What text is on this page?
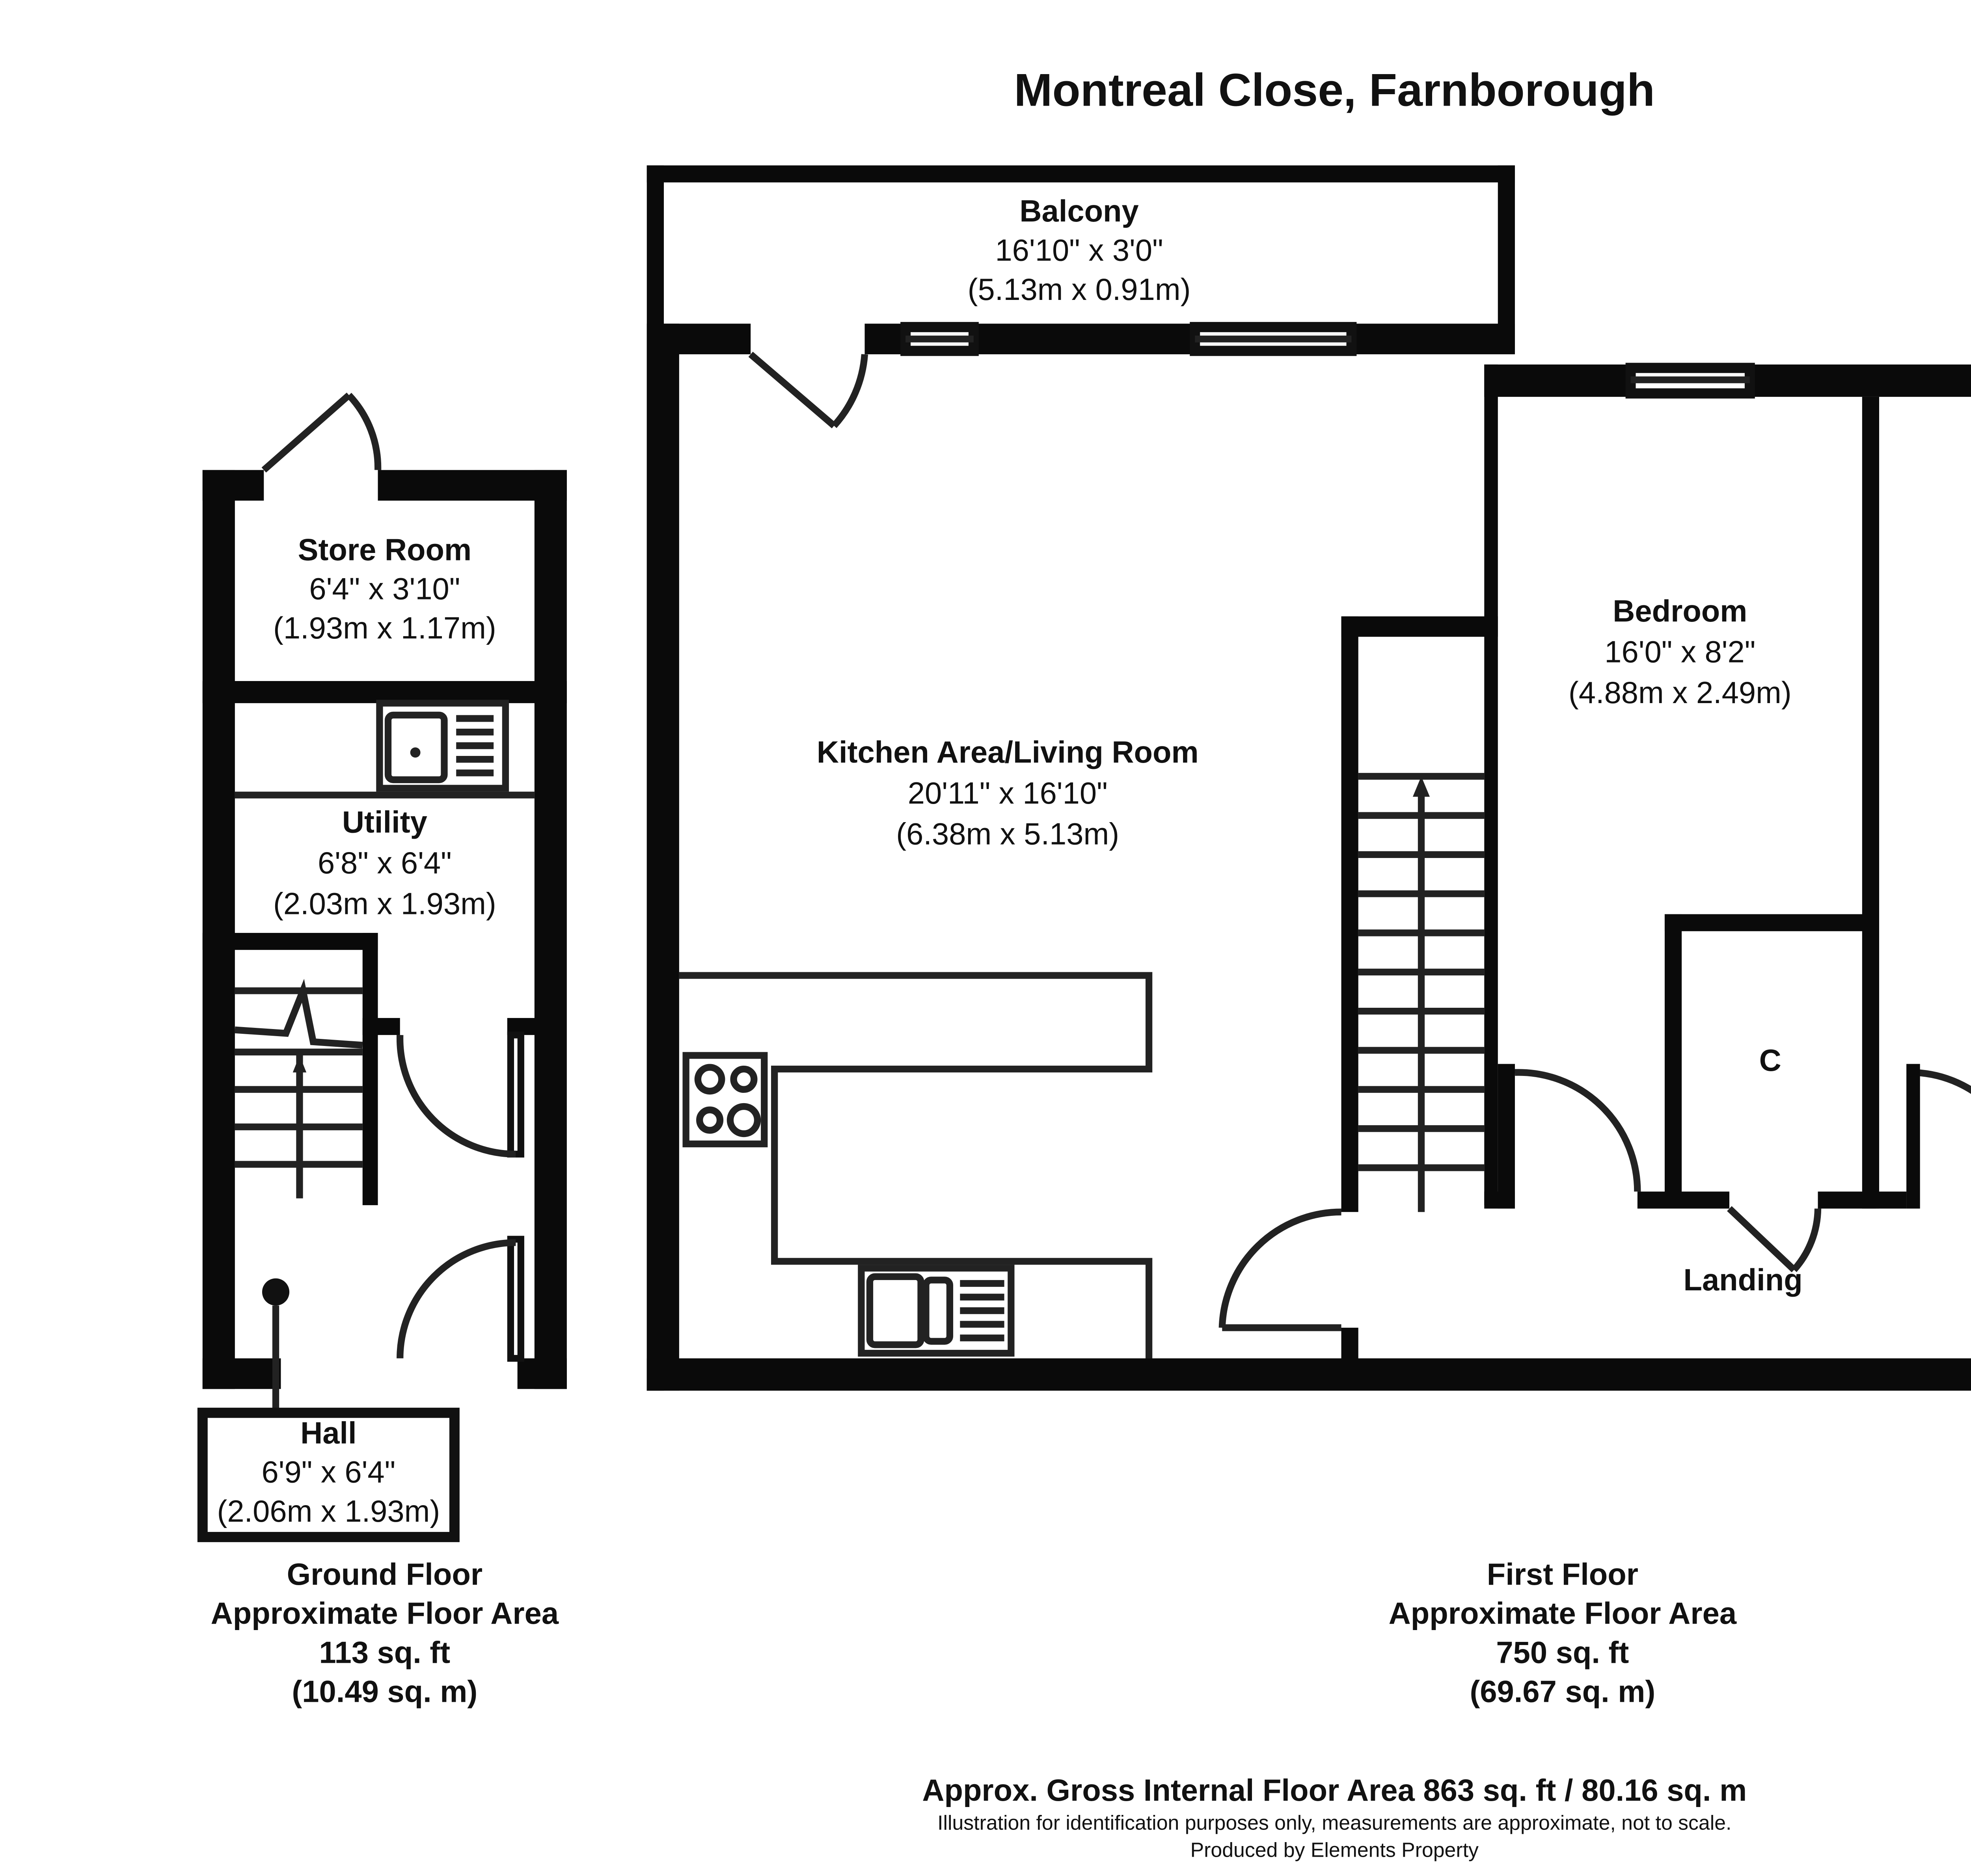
Montreal Close, Farnborough
Balcony
16'10" x 3'0"
(5.13m x 0.91m)
Kitchen Area/Living Room
20'11" x 16'10"
(6.38m x 5.13m)
Bedroom
16'0" x 8'2"
(4.88m x 2.49m)
Store Room
6'4" x 3'10"
(1.93m x 1.17m)
Utility
6'8" x 6'4"
(2.03m x 1.93m)
Hall
6'9" x 6'4"
(2.06m x 1.93m)
Landing
C
Ground Floor
Approximate Floor Area
113 sq. ft
(10.49 sq. m)
First Floor
Approximate Floor Area
750 sq. ft
(69.67 sq. m)
Approx. Gross Internal Floor Area 863 sq. ft / 80.16 sq. m
Illustration for identification purposes only, measurements are approximate, not to scale.
Produced by Elements Property
